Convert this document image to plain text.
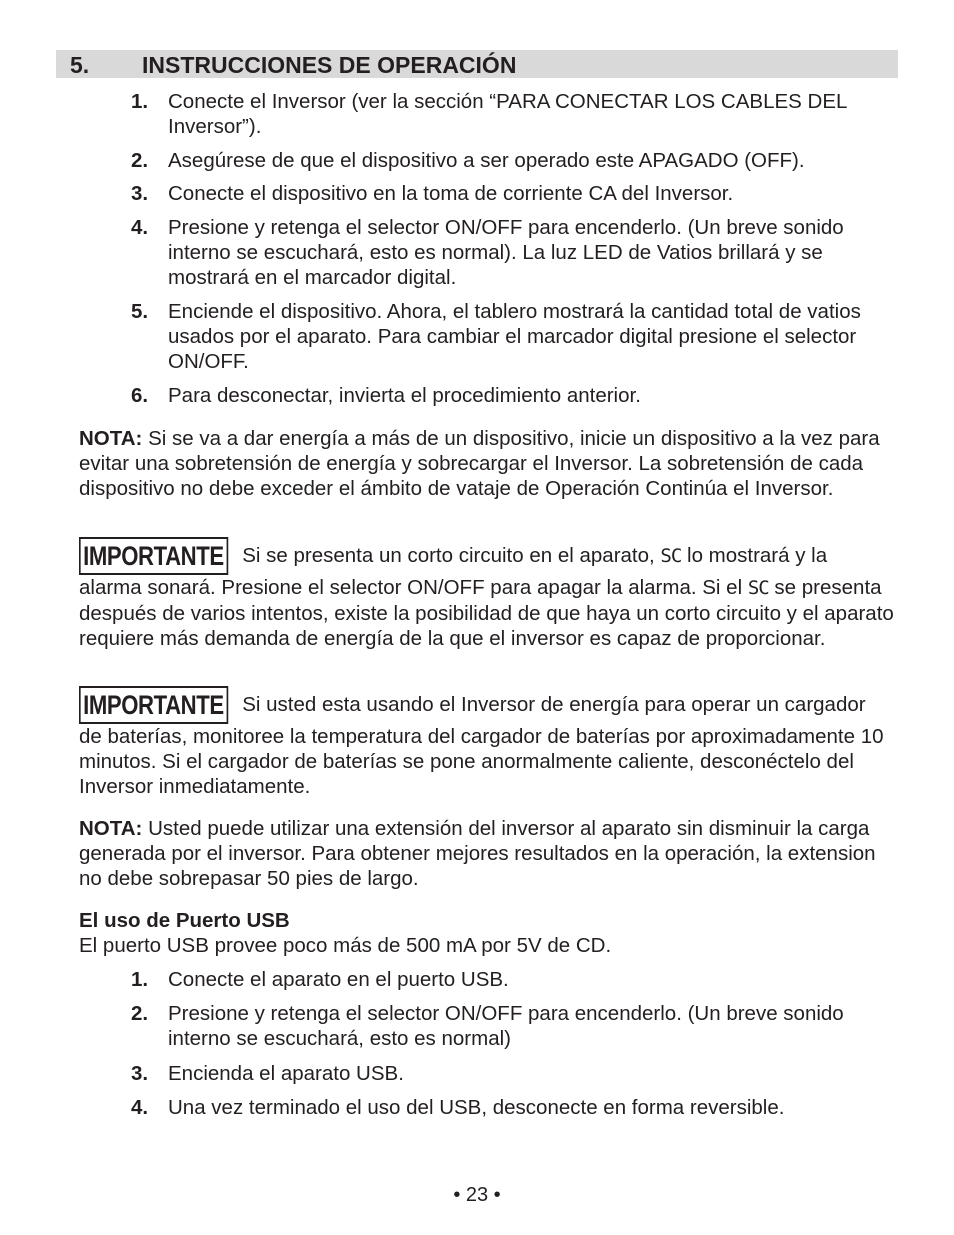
5. INSTRUCCIONES DE OPERACIÓN
1. Conecte el Inversor (ver la sección “PARA CONECTAR LOS CABLES DEL Inversor”).
2. Asegúrese de que el dispositivo a ser operado este APAGADO (OFF).
3. Conecte el dispositivo en la toma de corriente CA del Inversor.
4. Presione y retenga el selector ON/OFF para encenderlo. (Un breve sonido interno se escuchará, esto es normal). La luz LED de Vatios brillará y se mostrará en el marcador digital.
5. Enciende el dispositivo. Ahora, el tablero mostrará la cantidad total de vatios usados por el aparato. Para cambiar el marcador digital presione el selector ON/OFF.
6. Para desconectar, invierta el procedimiento anterior.
NOTA: Si se va a dar energía a más de un dispositivo, inicie un dispositivo a la vez para evitar una sobretensión de energía y sobrecargar el Inversor. La sobretensión de cada dispositivo no debe exceder el ámbito de vataje de Operación Continúa el Inversor.
IMPORTANTE Si se presenta un corto circuito en el aparato, SC lo mostrará y la alarma sonará. Presione el selector ON/OFF para apagar la alarma. Si el SC se presenta después de varios intentos, existe la posibilidad de que haya un corto circuito y el aparato requiere más demanda de energía de la que el inversor es capaz de proporcionar.
IMPORTANTE Si usted esta usando el Inversor de energía para operar un cargador de baterías, monitoree la temperatura del cargador de baterías por aproximadamente 10 minutos. Si el cargador de baterías se pone anormalmente caliente, desconéctelo del Inversor inmediatamente.
NOTA: Usted puede utilizar una extensión del inversor al aparato sin disminuir la carga generada por el inversor. Para obtener mejores resultados en la operación, la extension no debe sobrepasar 50 pies de largo.
El uso de Puerto USB
El puerto USB provee poco más de 500 mA por 5V de CD.
1. Conecte el aparato en el puerto USB.
2. Presione y retenga el selector ON/OFF para encenderlo. (Un breve sonido interno se escuchará, esto es normal)
3. Encienda el aparato USB.
4. Una vez terminado el uso del USB, desconecte en forma reversible.
• 23 •
